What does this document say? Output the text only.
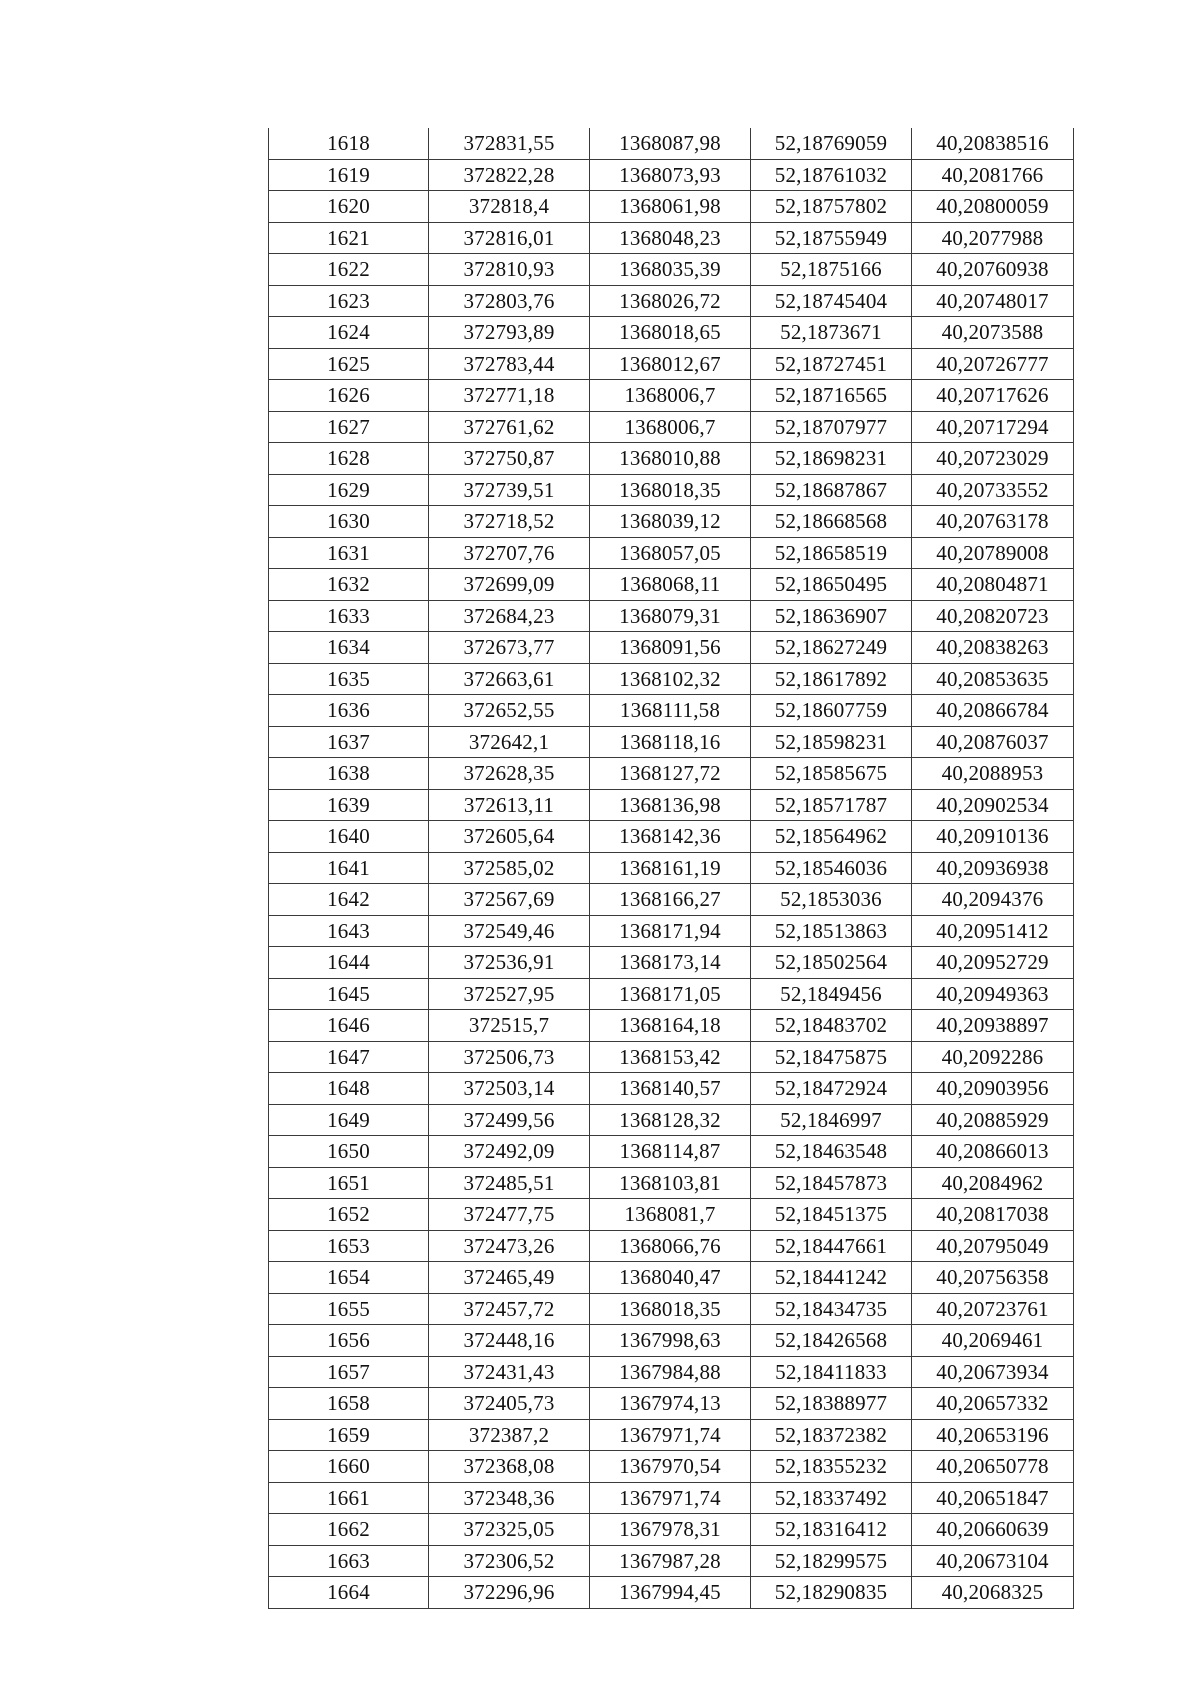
1618	372831,55	1368087,98	52,18769059	40,20838516
1619	372822,28	1368073,93	52,18761032	40,2081766
1620	372818,4	1368061,98	52,18757802	40,20800059
1621	372816,01	1368048,23	52,18755949	40,2077988
1622	372810,93	1368035,39	52,1875166	40,20760938
1623	372803,76	1368026,72	52,18745404	40,20748017
1624	372793,89	1368018,65	52,1873671	40,2073588
1625	372783,44	1368012,67	52,18727451	40,20726777
1626	372771,18	1368006,7	52,18716565	40,20717626
1627	372761,62	1368006,7	52,18707977	40,20717294
1628	372750,87	1368010,88	52,18698231	40,20723029
1629	372739,51	1368018,35	52,18687867	40,20733552
1630	372718,52	1368039,12	52,18668568	40,20763178
1631	372707,76	1368057,05	52,18658519	40,20789008
1632	372699,09	1368068,11	52,18650495	40,20804871
1633	372684,23	1368079,31	52,18636907	40,20820723
1634	372673,77	1368091,56	52,18627249	40,20838263
1635	372663,61	1368102,32	52,18617892	40,20853635
1636	372652,55	1368111,58	52,18607759	40,20866784
1637	372642,1	1368118,16	52,18598231	40,20876037
1638	372628,35	1368127,72	52,18585675	40,2088953
1639	372613,11	1368136,98	52,18571787	40,20902534
1640	372605,64	1368142,36	52,18564962	40,20910136
1641	372585,02	1368161,19	52,18546036	40,20936938
1642	372567,69	1368166,27	52,1853036	40,2094376
1643	372549,46	1368171,94	52,18513863	40,20951412
1644	372536,91	1368173,14	52,18502564	40,20952729
1645	372527,95	1368171,05	52,1849456	40,20949363
1646	372515,7	1368164,18	52,18483702	40,20938897
1647	372506,73	1368153,42	52,18475875	40,2092286
1648	372503,14	1368140,57	52,18472924	40,20903956
1649	372499,56	1368128,32	52,1846997	40,20885929
1650	372492,09	1368114,87	52,18463548	40,20866013
1651	372485,51	1368103,81	52,18457873	40,2084962
1652	372477,75	1368081,7	52,18451375	40,20817038
1653	372473,26	1368066,76	52,18447661	40,20795049
1654	372465,49	1368040,47	52,18441242	40,20756358
1655	372457,72	1368018,35	52,18434735	40,20723761
1656	372448,16	1367998,63	52,18426568	40,2069461
1657	372431,43	1367984,88	52,18411833	40,20673934
1658	372405,73	1367974,13	52,18388977	40,20657332
1659	372387,2	1367971,74	52,18372382	40,20653196
1660	372368,08	1367970,54	52,18355232	40,20650778
1661	372348,36	1367971,74	52,18337492	40,20651847
1662	372325,05	1367978,31	52,18316412	40,20660639
1663	372306,52	1367987,28	52,18299575	40,20673104
1664	372296,96	1367994,45	52,18290835	40,2068325
